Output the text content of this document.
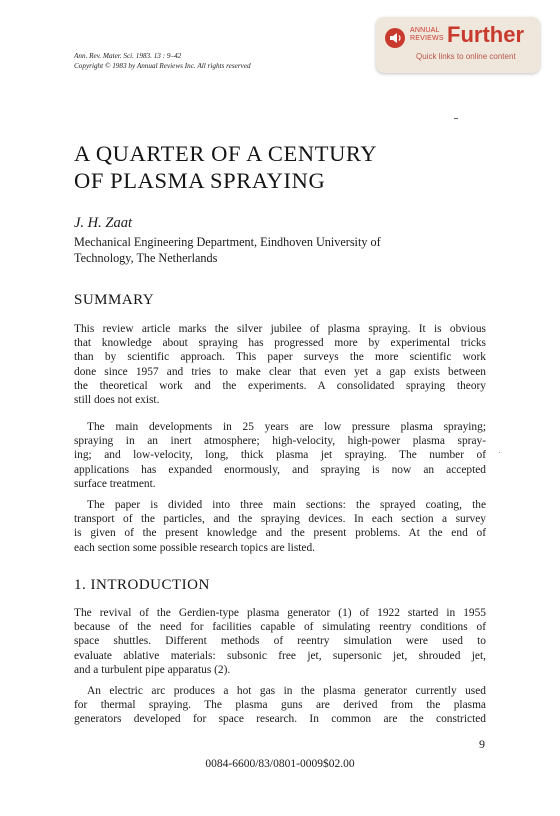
Ann. Rev. Mater. Sci. 1983. 13 : 9–42
Copyright © 1983 by Annual Reviews Inc. All rights reserved
ANNUAL
REVIEWS Further
Quick links to online content
A QUARTER OF A CENTURY
OF PLASMA SPRAYING
J. H. Zaat
Mechanical Engineering Department, Eindhoven University of
Technology, The Netherlands
SUMMARY
This review article marks the silver jubilee of plasma spraying. It is obvious
that knowledge about spraying has progressed more by experimental tricks
than by scientific approach. This paper surveys the more scientific work
done since 1957 and tries to make clear that even yet a gap exists between
the theoretical work and the experiments. A consolidated spraying theory
still does not exist.
The main developments in 25 years are low pressure plasma spraying;
spraying in an inert atmosphere; high-velocity, high-power plasma spray-
ing; and low-velocity, long, thick plasma jet spraying. The number of
applications has expanded enormously, and spraying is now an accepted
surface treatment.
The paper is divided into three main sections: the sprayed coating, the
transport of the particles, and the spraying devices. In each section a survey
is given of the present knowledge and the present problems. At the end of
each section some possible research topics are listed.
1. INTRODUCTION
The revival of the Gerdien-type plasma generator (1) of 1922 started in 1955
because of the need for facilities capable of simulating reentry conditions of
space shuttles. Different methods of reentry simulation were used to
evaluate ablative materials: subsonic free jet, supersonic jet, shrouded jet,
and a turbulent pipe apparatus (2).
An electric arc produces a hot gas in the plasma generator currently used
for thermal spraying. The plasma guns are derived from the plasma
generators developed for space research. In common are the constricted
9
0084-6600/83/0801-0009$02.00
